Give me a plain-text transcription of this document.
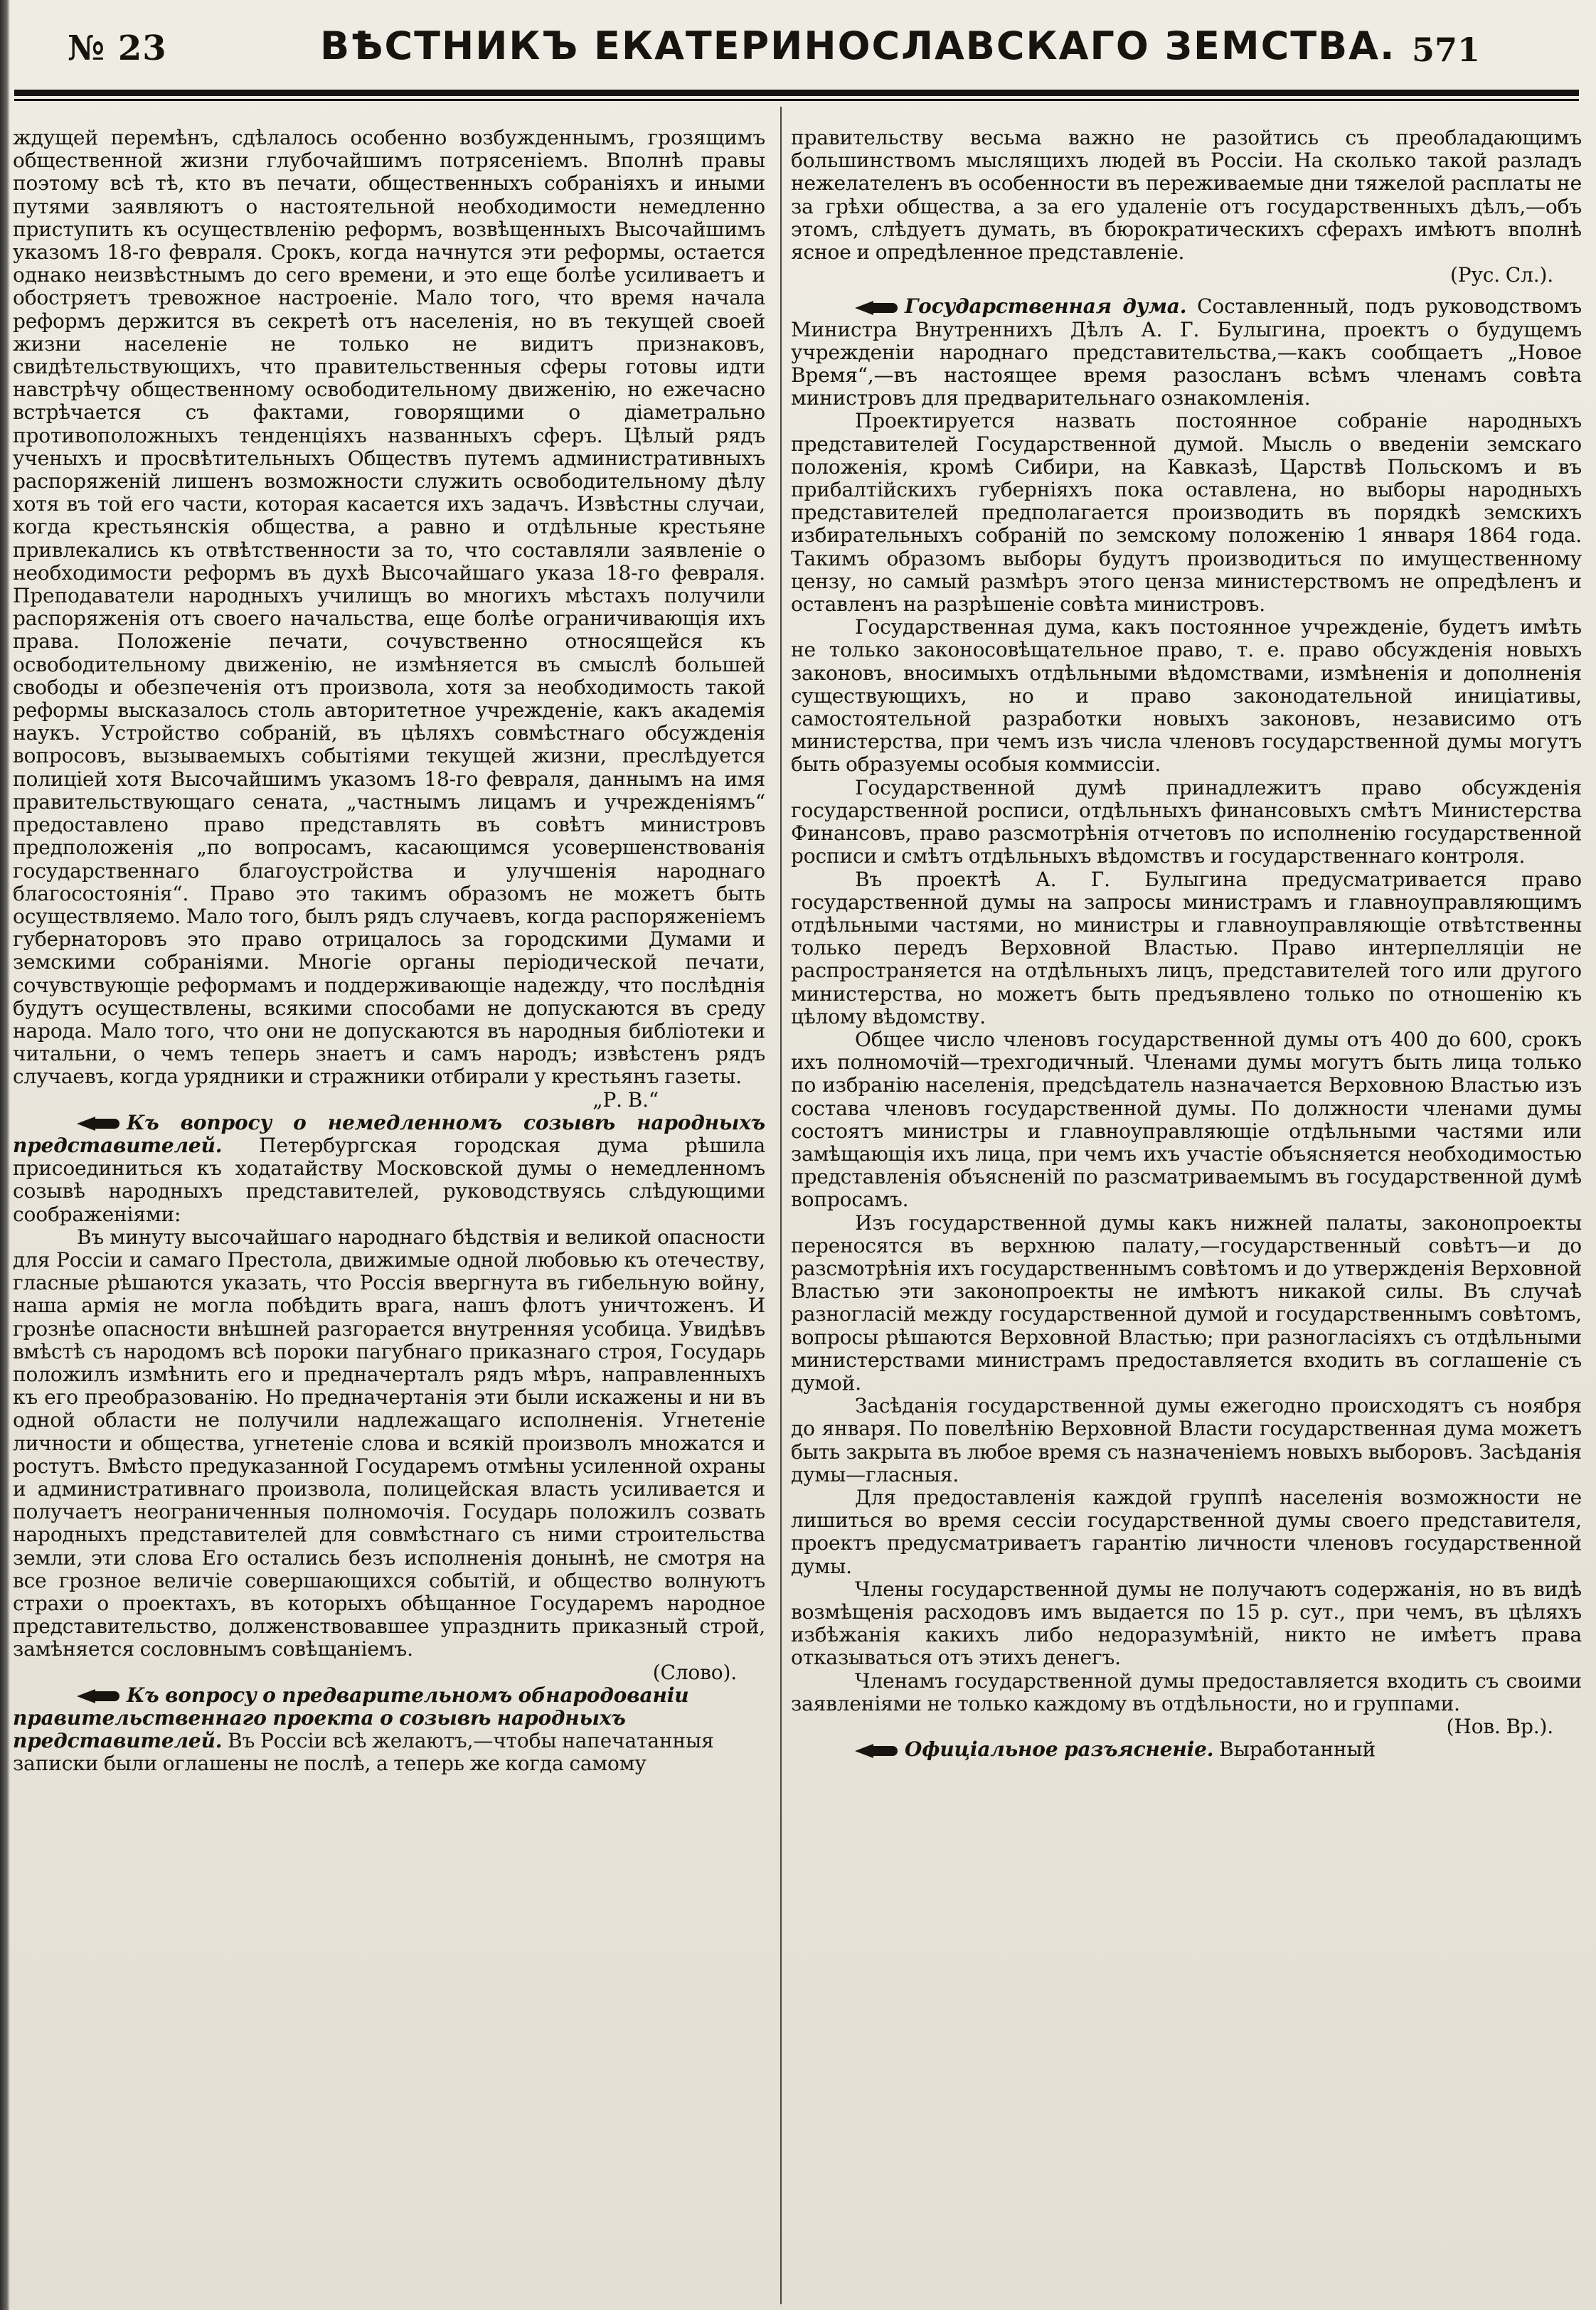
№ 23	ВѢСТНИКЪ ЕКАТЕРИНОСЛАВСКАГО ЗЕМСТВА. 571

ждущей перемѣнъ, сдѣлалось особенно возбужденнымъ, грозящимъ общественной жизни глубочайшимъ потрясеніемъ. Вполнѣ правы поэтому всѣ тѣ, кто въ печати, общественныхъ собраніяхъ и иными путями заявляютъ о настоятельной необходимости немедленно приступить къ осуществленію реформъ, возвѣщенныхъ Высочайшимъ указомъ 18-го февраля. Срокъ, когда начнутся эти реформы, остается однако неизвѣстнымъ до сего времени, и это еще болѣе усиливаетъ и обостряетъ тревожное настроеніе. Мало того, что время начала реформъ держится въ секретѣ отъ населенія, но въ текущей своей жизни населеніе не только не видитъ признаковъ, свидѣтельствующихъ, что правительственныя сферы готовы идти навстрѣчу общественному освободительному движенію, но ежечасно встрѣчается съ фактами, говорящими о діаметрально противоположныхъ тенденціяхъ названныхъ сферъ. Цѣлый рядъ ученыхъ и просвѣтительныхъ Обществъ путемъ административныхъ распоряженій лишенъ возможности служить освободительному дѣлу хотя въ той его части, которая касается ихъ задачъ. Извѣстны случаи, когда крестьянскія общества, а равно и отдѣльные крестьяне привлекались къ отвѣтственности за то, что составляли заявленіе о необходимости реформъ въ духѣ Высочайшаго указа 18-го февраля. Преподаватели народныхъ училищъ во многихъ мѣстахъ получили распоряженія отъ своего начальства, еще болѣе ограничивающія ихъ права. Положеніе печати, сочувственно относящейся къ освободительному движенію, не измѣняется въ смыслѣ большей свободы и обезпеченія отъ произвола, хотя за необходимость такой реформы высказалось столь авторитетное учрежденіе, какъ академія наукъ. Устройство собраній, въ цѣляхъ совмѣстнаго обсужденія вопросовъ, вызываемыхъ событіями текущей жизни, преслѣдуется полиціей хотя Высочайшимъ указомъ 18-го февраля, даннымъ на имя правительствующаго сената, „частнымъ лицамъ и учрежденіямъ“ предоставлено право представлять въ совѣтъ министровъ предположенія „по вопросамъ, касающимся усовершенствованія государственнаго благоустройства и улучшенія народнаго благосостоянія“. Право это такимъ образомъ не можетъ быть осуществляемо. Мало того, былъ рядъ случаевъ, когда распоряженіемъ губернаторовъ это право отрицалось за городскими Думами и земскими собраніями. Многіе органы періодической печати, сочувствующіе реформамъ и поддерживающіе надежду, что послѣднія будутъ осуществлены, всякими способами не допускаются въ среду народа. Мало того, что они не допускаются въ народныя библіотеки и читальни, о чемъ теперь знаетъ и самъ народъ; извѣстенъ рядъ случаевъ, когда урядники и стражники отбирали у крестьянъ газеты.

„Р. В.“

Къ вопросу о немедленномъ созывѣ народныхъ представителей. Петербургская городская дума рѣшила присоединиться къ ходатайству Московской думы о немедленномъ созывѣ народныхъ представителей, руководствуясь слѣдующими соображеніями:

Въ минуту высочайшаго народнаго бѣдствія и великой опасности для Россіи и самаго Престола, движимые одной любовью къ отечеству, гласные рѣшаются указать, что Россія ввергнута въ гибельную войну, наша армія не могла побѣдить врага, нашъ флотъ уничтоженъ. И грознѣе опасности внѣшней разгорается внутренняя усобица. Увидѣвъ вмѣстѣ съ народомъ всѣ пороки пагубнаго приказнаго строя, Государь положилъ измѣнить его и предначерталъ рядъ мѣръ, направленныхъ къ его преобразованію. Но предначертанія эти были искажены и ни въ одной области не получили надлежащаго исполненія. Угнетеніе личности и общества, угнетеніе слова и всякій произволъ множатся и ростутъ. Вмѣсто предуказанной Государемъ отмѣны усиленной охраны и административнаго произвола, полицейская власть усиливается и получаетъ неограниченныя полномочія. Государь положилъ созвать народныхъ представителей для совмѣстнаго съ ними строительства земли, эти слова Его остались безъ исполненія донынѣ, не смотря на все грозное величіе совершающихся событій, и общество волнуютъ страхи о проектахъ, въ которыхъ обѣщанное Государемъ народное представительство, долженствовавшее упразднить приказный строй, замѣняется сословнымъ совѣщаніемъ.

(Слово).

Къ вопросу о предварительномъ обнародованіи правительственнаго проекта о созывѣ народныхъ представителей. Въ Россіи всѣ желаютъ,—чтобы напечатанныя записки были оглашены не послѣ, а теперь же когда самому

правительству весьма важно не разойтись съ преобладающимъ большинствомъ мыслящихъ людей въ Россіи. На сколько такой разладъ нежелателенъ въ особенности въ переживаемые дни тяжелой расплаты не за грѣхи общества, а за его удаленіе отъ государственныхъ дѣлъ,—объ этомъ, слѣдуетъ думать, въ бюрократическихъ сферахъ имѣютъ вполнѣ ясное и опредѣленное представленіе.

(Рус. Сл.).

Государственная дума. Составленный, подъ руководствомъ Министра Внутреннихъ Дѣлъ А. Г. Булыгина, проектъ о будущемъ учрежденіи народнаго представительства,—какъ сообщаетъ „Новое Время“,—въ настоящее время разосланъ всѣмъ членамъ совѣта министровъ для предварительнаго ознакомленія.

Проектируется назвать постоянное собраніе народныхъ представителей Государственной думой. Мысль о введеніи земскаго положенія, кромѣ Сибири, на Кавказѣ, Царствѣ Польскомъ и въ прибалтійскихъ губерніяхъ пока оставлена, но выборы народныхъ представителей предполагается производить въ порядкѣ земскихъ избирательныхъ собраній по земскому положенію 1 января 1864 года. Такимъ образомъ выборы будутъ производиться по имущественному цензу, но самый размѣръ этого ценза министерствомъ не опредѣленъ и оставленъ на разрѣшеніе совѣта министровъ.

Государственная дума, какъ постоянное учрежденіе, будетъ имѣть не только законосовѣщательное право, т. е. право обсужденія новыхъ законовъ, вносимыхъ отдѣльными вѣдомствами, измѣненія и дополненія существующихъ, но и право законодательной иниціативы, самостоятельной разработки новыхъ законовъ, независимо отъ министерства, при чемъ изъ числа членовъ государственной думы могутъ быть образуемы особыя коммиссіи.

Государственной думѣ принадлежитъ право обсужденія государственной росписи, отдѣльныхъ финансовыхъ смѣтъ Министерства Финансовъ, право разсмотрѣнія отчетовъ по исполненію государственной росписи и смѣтъ отдѣльныхъ вѣдомствъ и государственнаго контроля.

Въ проектѣ А. Г. Булыгина предусматривается право государственной думы на запросы министрамъ и главноуправляющимъ отдѣльными частями, но министры и главноуправляющіе отвѣтственны только передъ Верховной Властью. Право интерпелляціи не распространяется на отдѣльныхъ лицъ, представителей того или другого министерства, но можетъ быть предъявлено только по отношенію къ цѣлому вѣдомству.

Общее число членовъ государственной думы отъ 400 до 600, срокъ ихъ полномочій—трехгодичный. Членами думы могутъ быть лица только по избранію населенія, предсѣдатель назначается Верховною Властью изъ состава членовъ государственной думы. По должности членами думы состоятъ министры и главноуправляющіе отдѣльными частями или замѣщающія ихъ лица, при чемъ ихъ участіе объясняется необходимостью представленія объясненій по разсматриваемымъ въ государственной думѣ вопросамъ.

Изъ государственной думы какъ нижней палаты, законопроекты переносятся въ верхнюю палату,—государственный совѣтъ—и до разсмотрѣнія ихъ государственнымъ совѣтомъ и до утвержденія Верховной Властью эти законопроекты не имѣютъ никакой силы. Въ случаѣ разногласій между государственной думой и государственнымъ совѣтомъ, вопросы рѣшаются Верховной Властью; при разногласіяхъ съ отдѣльными министерствами министрамъ предоставляется входить въ соглашеніе съ думой.

Засѣданія государственной думы ежегодно происходятъ съ ноября до января. По повелѣнію Верховной Власти государственная дума можетъ быть закрыта въ любое время съ назначеніемъ новыхъ выборовъ. Засѣданія думы—гласныя.

Для предоставленія каждой группѣ населенія возможности не лишиться во время сессіи государственной думы своего представителя, проектъ предусматриваетъ гарантію личности членовъ государственной думы.

Члены государственной думы не получаютъ содержанія, но въ видѣ возмѣщенія расходовъ имъ выдается по 15 р. сут., при чемъ, въ цѣляхъ избѣжанія какихъ либо недоразумѣній, никто не имѣетъ права отказываться отъ этихъ денегъ.

Членамъ государственной думы предоставляется входить съ своими заявленіями не только каждому въ отдѣльности, но и группами.

(Нов. Вр.).

Офиціальное разъясненіе. Выработанный
